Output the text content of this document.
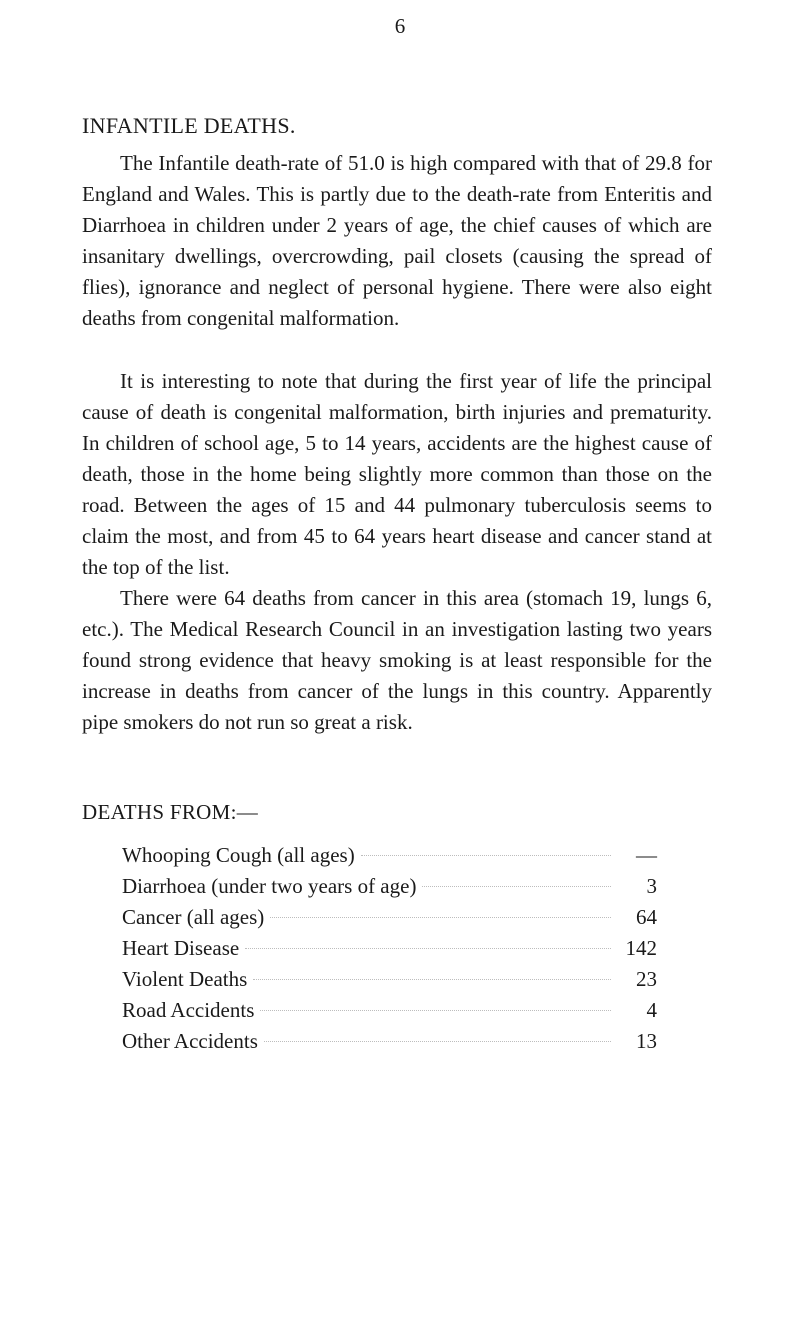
6
INFANTILE DEATHS.

The Infantile death-rate of 51.0 is high compared with that of 29.8 for England and Wales. This is partly due to the death-rate from Enteritis and Diarrhoea in children under 2 years of age, the chief causes of which are insanitary dwellings, overcrowding, pail closets (causing the spread of flies), ignorance and neglect of personal hygiene. There were also eight deaths from congenital malformation.

It is interesting to note that during the first year of life the principal cause of death is congenital malformation, birth injuries and prematurity. In children of school age, 5 to 14 years, accidents are the highest cause of death, those in the home being slightly more common than those on the road. Between the ages of 15 and 44 pulmonary tuberculosis seems to claim the most, and from 45 to 64 years heart disease and cancer stand at the top of the list.

There were 64 deaths from cancer in this area (stomach 19, lungs 6, etc.). The Medical Research Council in an investigation lasting two years found strong evidence that heavy smoking is at least responsible for the increase in deaths from cancer of the lungs in this country. Apparently pipe smokers do not run so great a risk.

DEATHS FROM:—
Whooping Cough (all ages)	—
Diarrhoea (under two years of age)	3
Cancer (all ages)	64
Heart Disease	142
Violent Deaths	23
Road Accidents	4
Other Accidents	13
